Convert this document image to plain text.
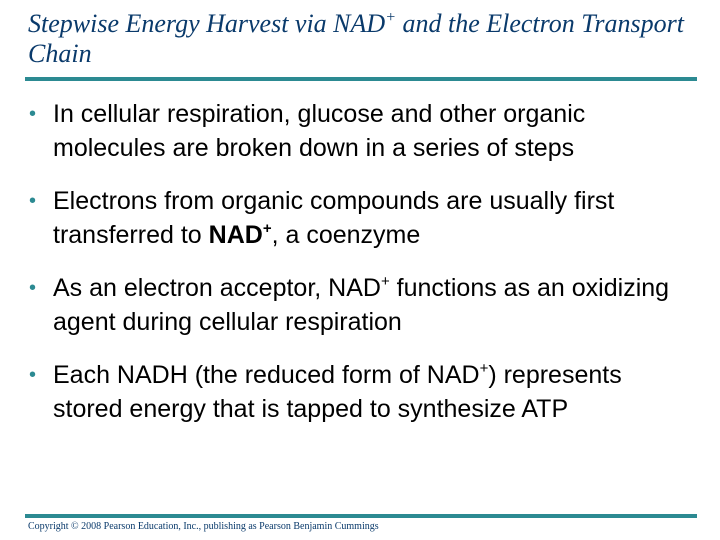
Stepwise Energy Harvest via NAD+ and the Electron Transport Chain
• In cellular respiration, glucose and other organic molecules are broken down in a series of steps
• Electrons from organic compounds are usually first transferred to NAD+, a coenzyme
• As an electron acceptor, NAD+ functions as an oxidizing agent during cellular respiration
• Each NADH (the reduced form of NAD+) represents stored energy that is tapped to synthesize ATP
Copyright © 2008 Pearson Education, Inc., publishing as Pearson Benjamin Cummings
